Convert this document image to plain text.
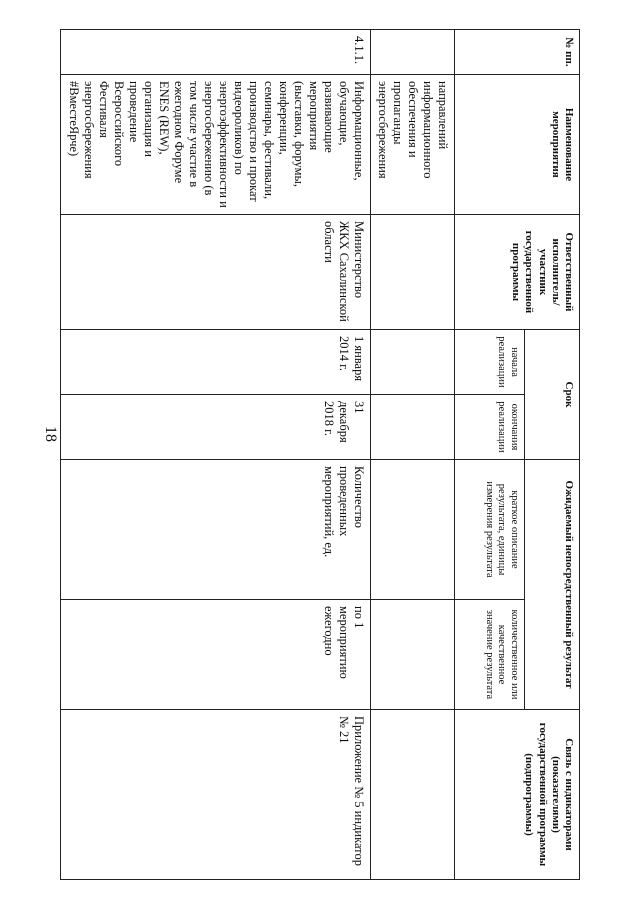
18
№ пп.	Наименование мероприятия	Ответственный исполнитель/участник государственной программы	Срок		Ожидаемый непосредственный результат		Связь с индикаторами (показателями) государственной программы (подпрограммы)
			начала реализации	окончания реализации	краткое описание результата, единицы измерения результата	количественное или качественное значение результата	
	направлений информационного обеспечения и пропаганды энергосбережения						
4.1.1.	Информационные, обучающие, развивающие мероприятия (выставки, форумы, конференции, семинары, фестивали, производство и прокат видеороликов) по энергоэффективности и энергосбережению (в том числе участие в ежегодном Форуме ENES (REW), организация и проведение Всероссийского Фестиваля энергосбережения #ВместеЯрче)	Министерство ЖКХ Сахалинской области	1 января 2014 г.	31 декабря 2018 г.	Количество проведенных мероприятий, ед.	по 1 мероприятию ежегодно	Приложение № 5 индикатор № 21
